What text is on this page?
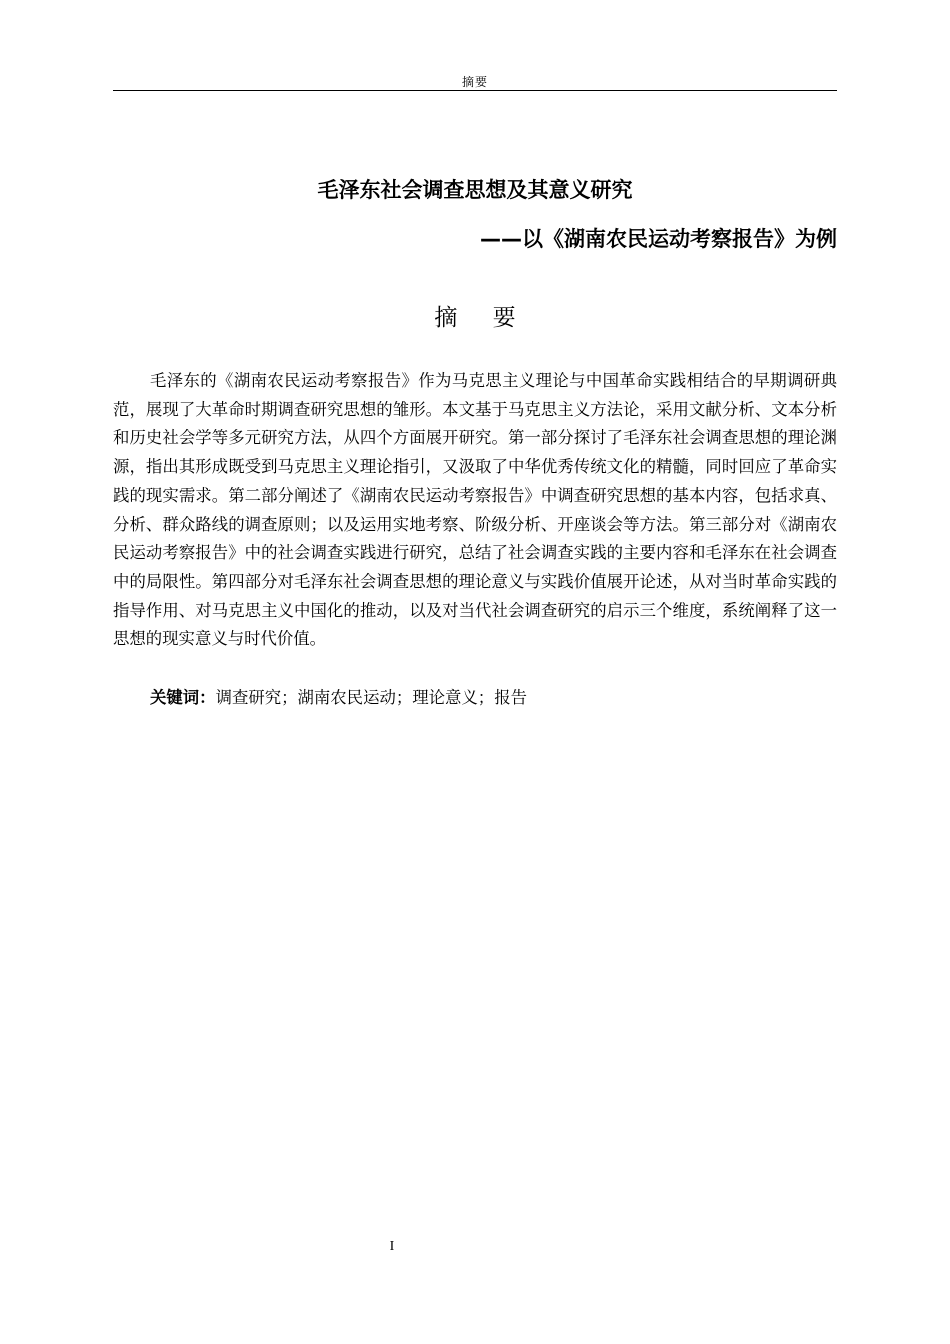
摘要
毛泽东社会调查思想及其意义研究
——以《湖南农民运动考察报告》为例
摘 要
毛泽东的《湖南农民运动考察报告》作为马克思主义理论与中国革命实践相结合的早期调研典范，展现了大革命时期调查研究思想的雏形。本文基于马克思主义方法论，采用文献分析、文本分析和历史社会学等多元研究方法，从四个方面展开研究。第一部分探讨了毛泽东社会调查思想的理论渊源，指出其形成既受到马克思主义理论指引，又汲取了中华优秀传统文化的精髓，同时回应了革命实践的现实需求。第二部分阐述了《湖南农民运动考察报告》中调查研究思想的基本内容，包括求真、分析、群众路线的调查原则；以及运用实地考察、阶级分析、开座谈会等方法。第三部分对《湖南农民运动考察报告》中的社会调查实践进行研究，总结了社会调查实践的主要内容和毛泽东在社会调查中的局限性。第四部分对毛泽东社会调查思想的理论意义与实践价值展开论述，从对当时革命实践的指导作用、对马克思主义中国化的推动，以及对当代社会调查研究的启示三个维度，系统阐释了这一思想的现实意义与时代价值。
关键词：调查研究；湖南农民运动；理论意义；报告
I
